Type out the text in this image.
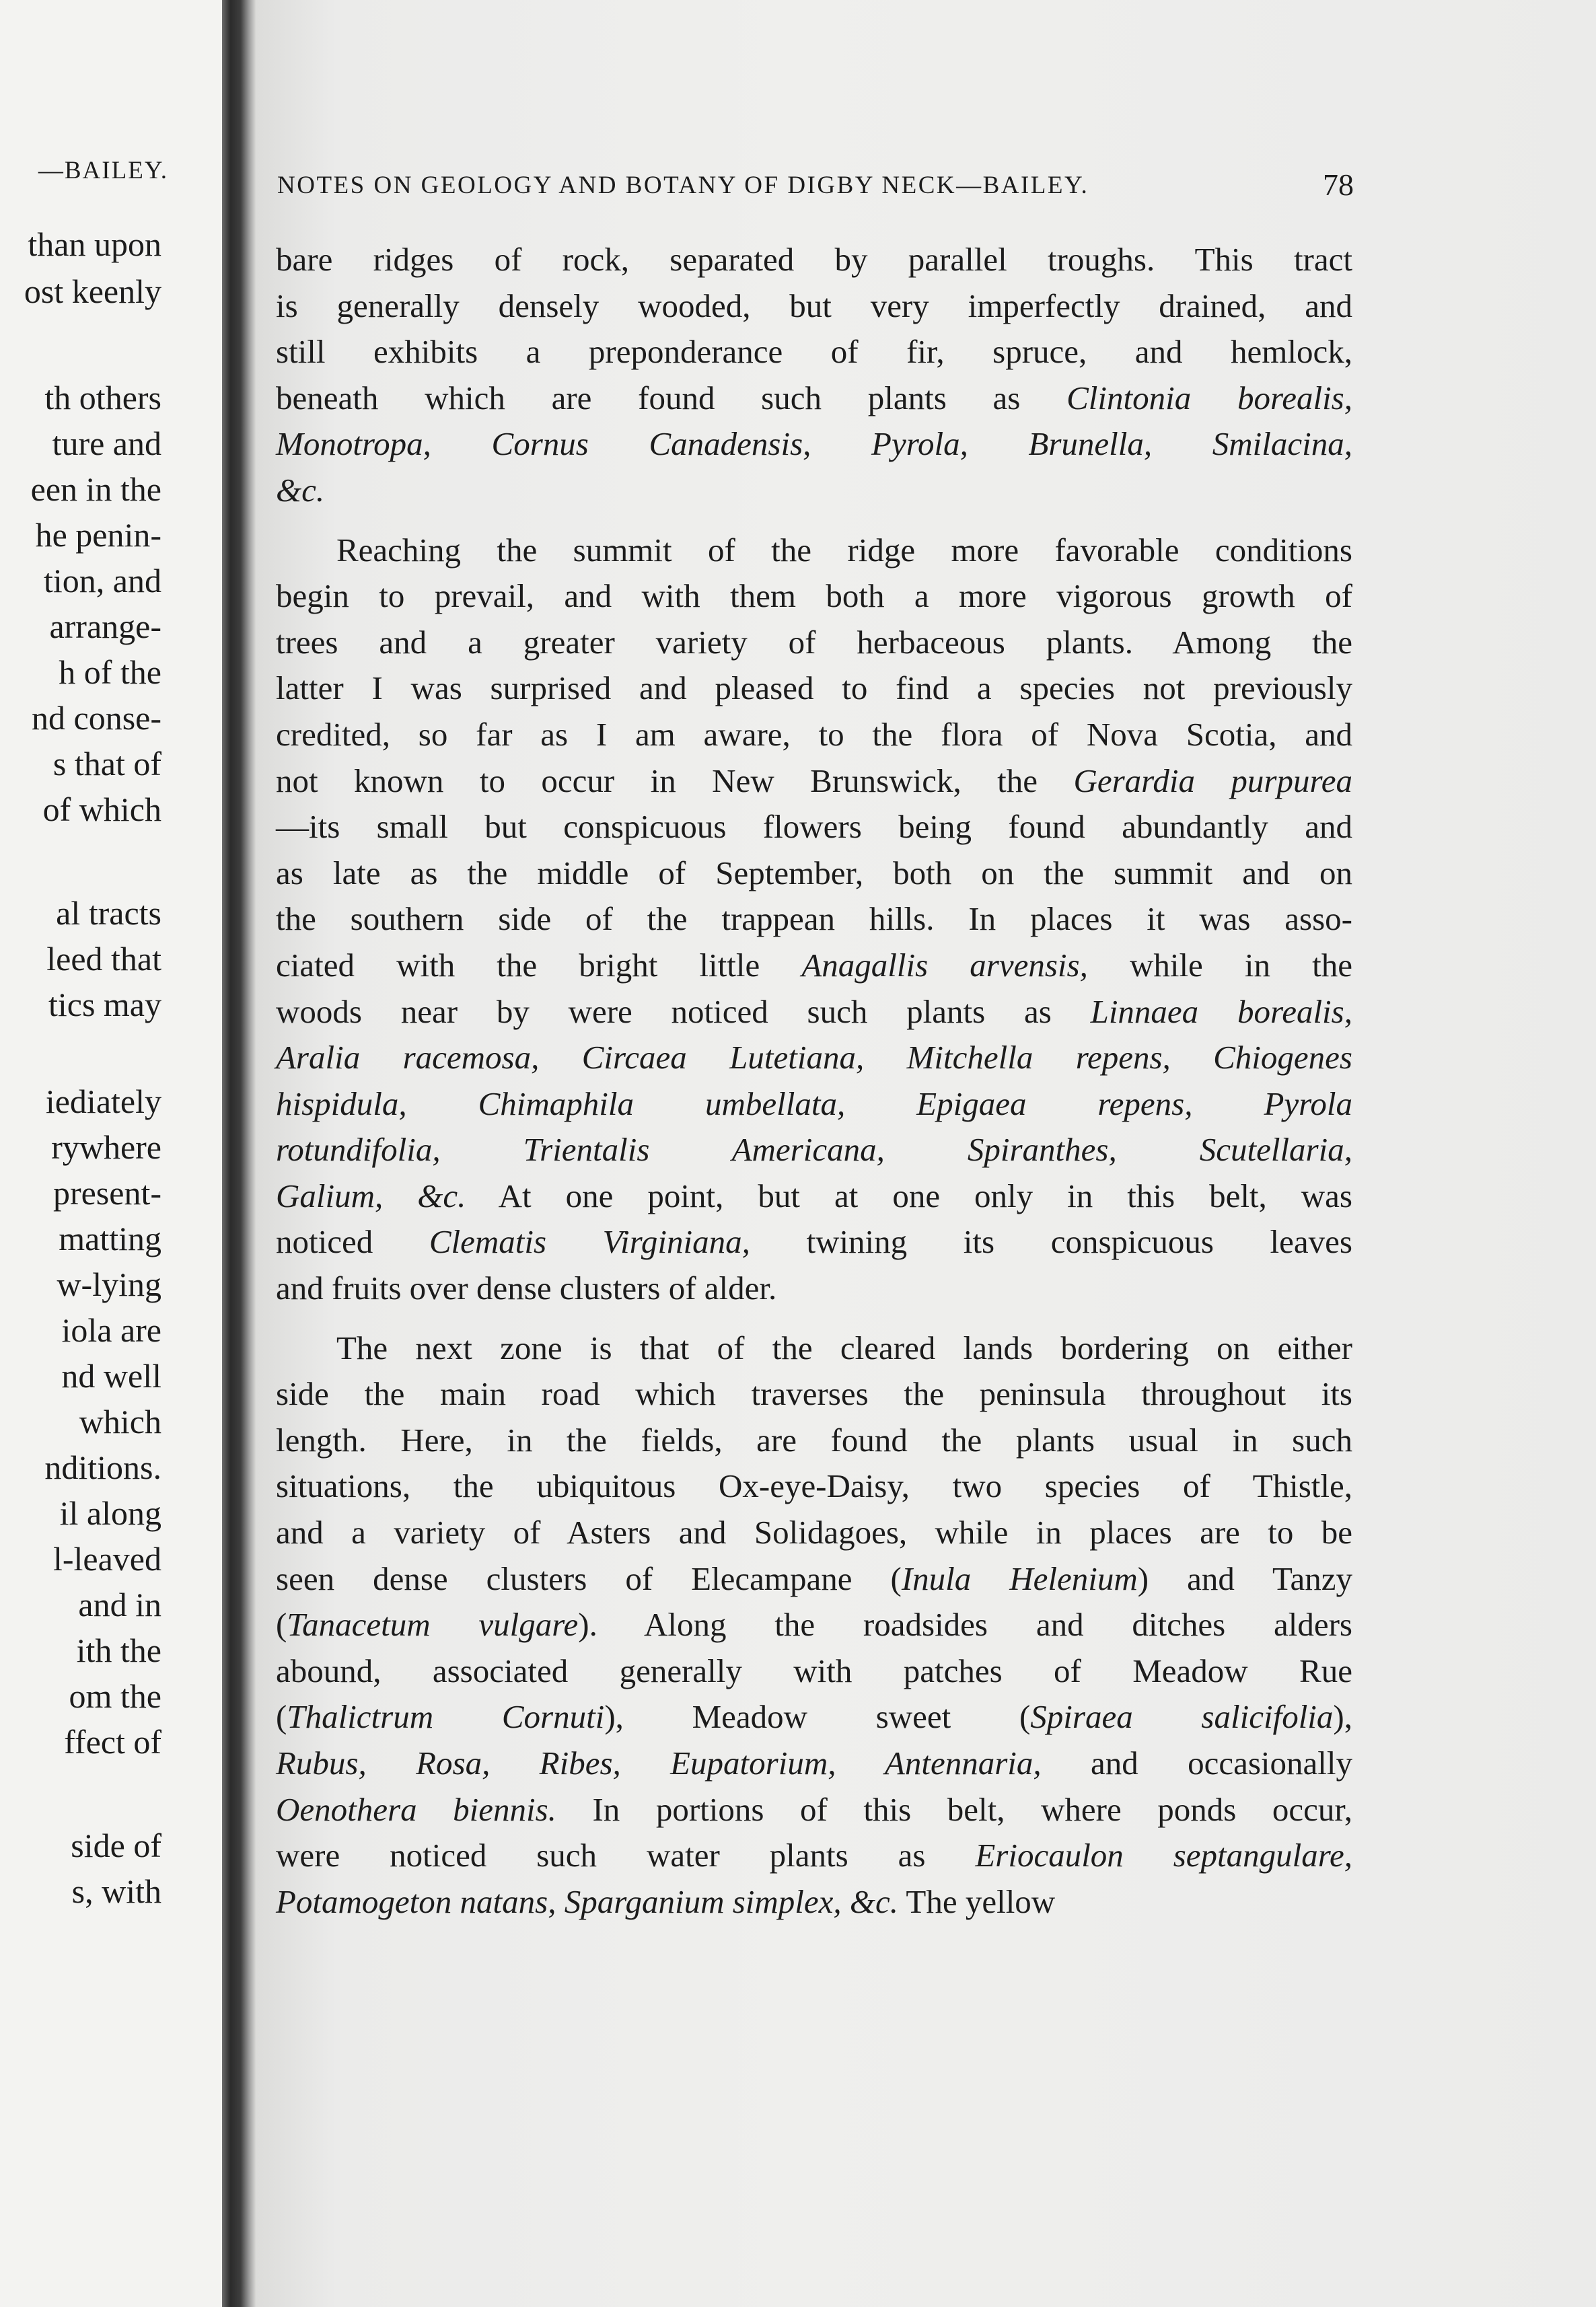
—BAILEY.
than upon
ost keenly
th others
ture and
een in the
he penin-
tion, and
arrange-
h of the
nd conse-
s that of
of which
al tracts
leed that
tics may
iediately
rywhere
present-
matting
w-lying
iola are
nd well
which
nditions.
il along
l-leaved
and in
ith the
om the
ffect of
side of
s, with
NOTES ON GEOLOGY AND BOTANY OF DIGBY NECK—BAILEY.	78
bare ridges of rock, separated by parallel troughs. This tract
is generally densely wooded, but very imperfectly drained, and
still exhibits a preponderance of fir, spruce, and hemlock,
beneath which are found such plants as Clintonia borealis,
Monotropa, Cornus Canadensis, Pyrola, Brunella, Smilacina,
&c.
Reaching the summit of the ridge more favorable conditions
begin to prevail, and with them both a more vigorous growth of
trees and a greater variety of herbaceous plants. Among the
latter I was surprised and pleased to find a species not previously
credited, so far as I am aware, to the flora of Nova Scotia, and
not known to occur in New Brunswick, the Gerardia purpurea
—its small but conspicuous flowers being found abundantly and
as late as the middle of September, both on the summit and on
the southern side of the trappean hills. In places it was asso-
ciated with the bright little Anagallis arvensis, while in the
woods near by were noticed such plants as Linnaea borealis,
Aralia racemosa, Circaea Lutetiana, Mitchella repens, Chiogenes
hispidula, Chimaphila umbellata, Epigaea repens, Pyrola
rotundifolia, Trientalis Americana, Spiranthes, Scutellaria,
Galium, &c. At one point, but at one only in this belt, was
noticed Clematis Virginiana, twining its conspicuous leaves
and fruits over dense clusters of alder.
The next zone is that of the cleared lands bordering on either
side the main road which traverses the peninsula throughout its
length. Here, in the fields, are found the plants usual in such
situations, the ubiquitous Ox-eye-Daisy, two species of Thistle,
and a variety of Asters and Solidagoes, while in places are to be
seen dense clusters of Elecampane (Inula Helenium) and Tanzy
(Tanacetum vulgare). Along the roadsides and ditches alders
abound, associated generally with patches of Meadow Rue
(Thalictrum Cornuti), Meadow sweet (Spiraea salicifolia),
Rubus, Rosa, Ribes, Eupatorium, Antennaria, and occasionally
Oenothera biennis. In portions of this belt, where ponds occur,
were noticed such water plants as Eriocaulon septangulare,
Potamogeton natans, Sparganium simplex, &c. The yellow
